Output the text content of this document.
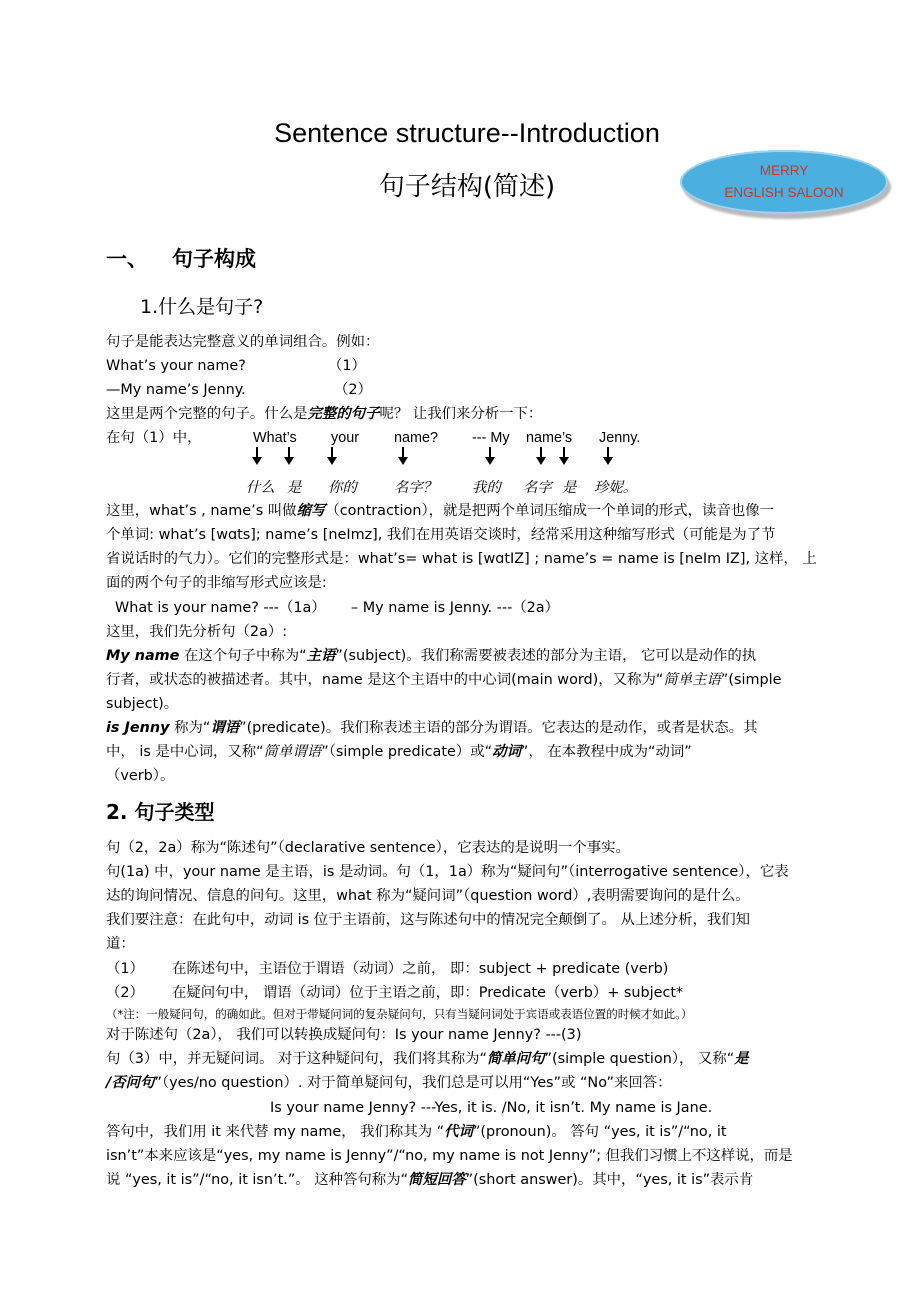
Sentence structure--Introduction
句子结构(简述)
MERRY
ENGLISH SALOON
一、 句子构成
1.什么是句子?
句子是能表达完整意义的单词组合。例如：
What’s your name?	（1）
—My name’s Jenny.	（2）
这里是两个完整的句子。什么是完整的句子呢？ 让我们来分析一下：
在句（1）中，	What’s your name? --- My name’s Jenny.
什么 是 你的	名字？ 我的 名字 是 珍妮。
这里，what’s , name’s 叫做缩写（contraction），就是把两个单词压缩成一个单词的形式，读音也像一
个单词: what’s [wɑts]; name’s [neImz], 我们在用英语交谈时，经常采用这种缩写形式（可能是为了节
省说话时的气力）。它们的完整形式是：what’s= what is [wɑtIZ] ; name’s = name is [neIm IZ], 这样， 上
面的两个句子的非缩写形式应该是:
What is your name? ---（1a） – My name is Jenny. ---（2a）
这里，我们先分析句（2a）:
My name 在这个句子中称为“主语”(subject)。我们称需要被表述的部分为主语， 它可以是动作的执
行者，或状态的被描述者。其中，name 是这个主语中的中心词(main word)，又称为“简单主语”(simple
subject)。
is Jenny 称为“谓语”(predicate)。我们称表述主语的部分为谓语。它表达的是动作，或者是状态。其
中， is 是中心词，又称“简单谓语”（simple predicate）或“动词”， 在本教程中成为“动词”
（verb）。
2. 句子类型
句（2，2a）称为“陈述句”（declarative sentence），它表达的是说明一个事实。
句(1a) 中，your name 是主语，is 是动词。句（1，1a）称为“疑问句”（interrogative sentence），它表
达的询问情况、信息的问句。这里，what 称为“疑问词”（question word）,表明需要询问的是什么。
我们要注意：在此句中，动词 is 位于主语前，这与陈述句中的情况完全颠倒了。 从上述分析，我们知
道：
（1） 在陈述句中，主语位于谓语（动词）之前， 即：subject + predicate (verb)
（2） 在疑问句中， 谓语（动词）位于主语之前，即：Predicate（verb）+ subject*
（*注：一般疑问句，的确如此。但对于带疑问词的复杂疑问句，只有当疑问词处于宾语或表语位置的时候才如此。）
对于陈述句（2a）， 我们可以转换成疑问句：Is your name Jenny? ---(3)
句（3）中，并无疑问词。 对于这种疑问句，我们将其称为“简单问句”(simple question）， 又称“是
/否问句”（yes/no question）. 对于简单疑问句，我们总是可以用“Yes”或 “No”来回答：
Is your name Jenny? ---Yes, it is. /No, it isn’t. My name is Jane.
答句中，我们用 it 来代替 my name， 我们称其为 “代词”(pronoun)。 答句 “yes, it is”/“no, it
isn’t”本来应该是“yes, my name is Jenny”/“no, my name is not Jenny”; 但我们习惯上不这样说，而是
说 “yes, it is”/“no, it isn’t.”。 这种答句称为“简短回答”(short answer)。其中，“yes, it is”表示肯
